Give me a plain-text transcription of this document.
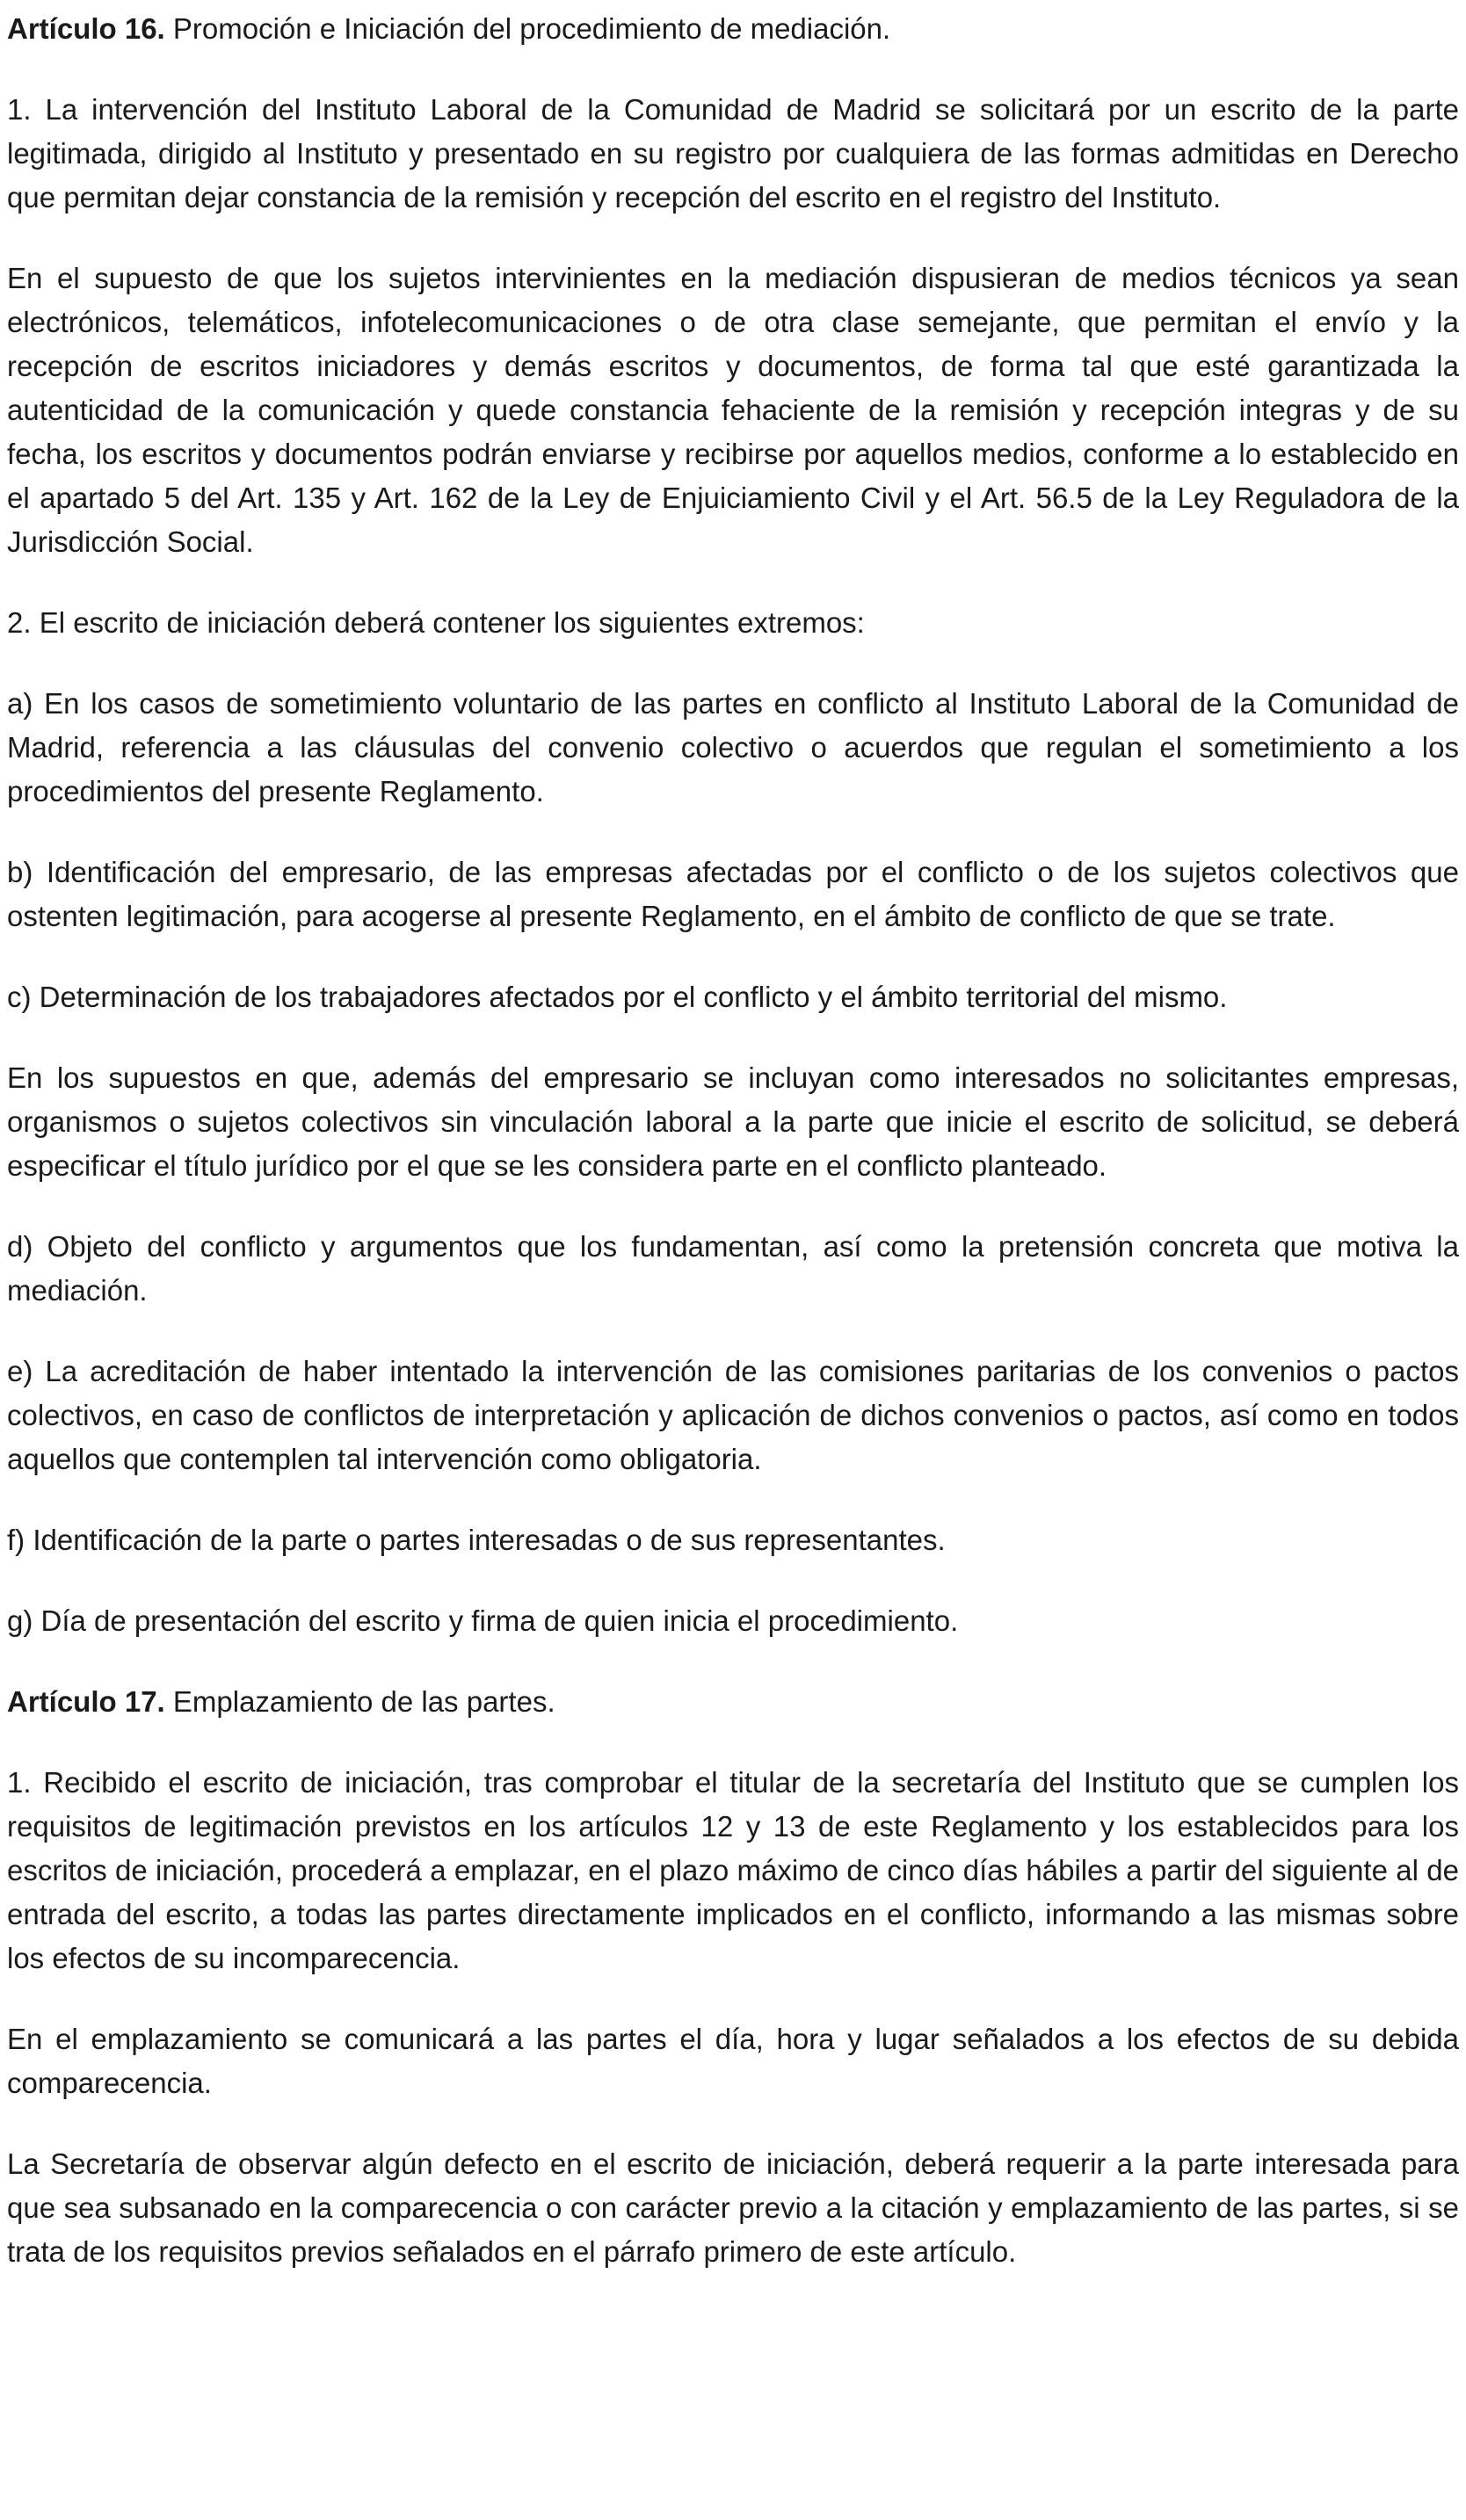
Artículo 16. Promoción e Iniciación del procedimiento de mediación.

1. La intervención del Instituto Laboral de la Comunidad de Madrid se solicitará por un escrito de la parte legitimada, dirigido al Instituto y presentado en su registro por cualquiera de las formas admitidas en Derecho que permitan dejar constancia de la remisión y recepción del escrito en el registro del Instituto.

En el supuesto de que los sujetos intervinientes en la mediación dispusieran de medios técnicos ya sean electrónicos, telemáticos, infotelecomunicaciones o de otra clase semejante, que permitan el envío y la recepción de escritos iniciadores y demás escritos y documentos, de forma tal que esté garantizada la autenticidad de la comunicación y quede constancia fehaciente de la remisión y recepción integras y de su fecha, los escritos y documentos podrán enviarse y recibirse por aquellos medios, conforme a lo establecido en el apartado 5 del Art. 135 y Art. 162 de la Ley de Enjuiciamiento Civil y el Art. 56.5 de la Ley Reguladora de la Jurisdicción Social.

2. El escrito de iniciación deberá contener los siguientes extremos:

a) En los casos de sometimiento voluntario de las partes en conflicto al Instituto Laboral de la Comunidad de Madrid, referencia a las cláusulas del convenio colectivo o acuerdos que regulan el sometimiento a los procedimientos del presente Reglamento.

b) Identificación del empresario, de las empresas afectadas por el conflicto o de los sujetos colectivos que ostenten legitimación, para acogerse al presente Reglamento, en el ámbito de conflicto de que se trate.

c) Determinación de los trabajadores afectados por el conflicto y el ámbito territorial del mismo.

En los supuestos en que, además del empresario se incluyan como interesados no solicitantes empresas, organismos o sujetos colectivos sin vinculación laboral a la parte que inicie el escrito de solicitud, se deberá especificar el título jurídico por el que se les considera parte en el conflicto planteado.

d) Objeto del conflicto y argumentos que los fundamentan, así como la pretensión concreta que motiva la mediación.

e) La acreditación de haber intentado la intervención de las comisiones paritarias de los convenios o pactos colectivos, en caso de conflictos de interpretación y aplicación de dichos convenios o pactos, así como en todos aquellos que contemplen tal intervención como obligatoria.

f) Identificación de la parte o partes interesadas o de sus representantes.

g) Día de presentación del escrito y firma de quien inicia el procedimiento.

Artículo 17. Emplazamiento de las partes.

1. Recibido el escrito de iniciación, tras comprobar el titular de la secretaría del Instituto que se cumplen los requisitos de legitimación previstos en los artículos 12 y 13 de este Reglamento y los establecidos para los escritos de iniciación, procederá a emplazar, en el plazo máximo de cinco días hábiles a partir del siguiente al de entrada del escrito, a todas las partes directamente implicados en el conflicto, informando a las mismas sobre los efectos de su incomparecencia.

En el emplazamiento se comunicará a las partes el día, hora y lugar señalados a los efectos de su debida comparecencia.

La Secretaría de observar algún defecto en el escrito de iniciación, deberá requerir a la parte interesada para que sea subsanado en la comparecencia o con carácter previo a la citación y emplazamiento de las partes, si se trata de los requisitos previos señalados en el párrafo primero de este artículo.
